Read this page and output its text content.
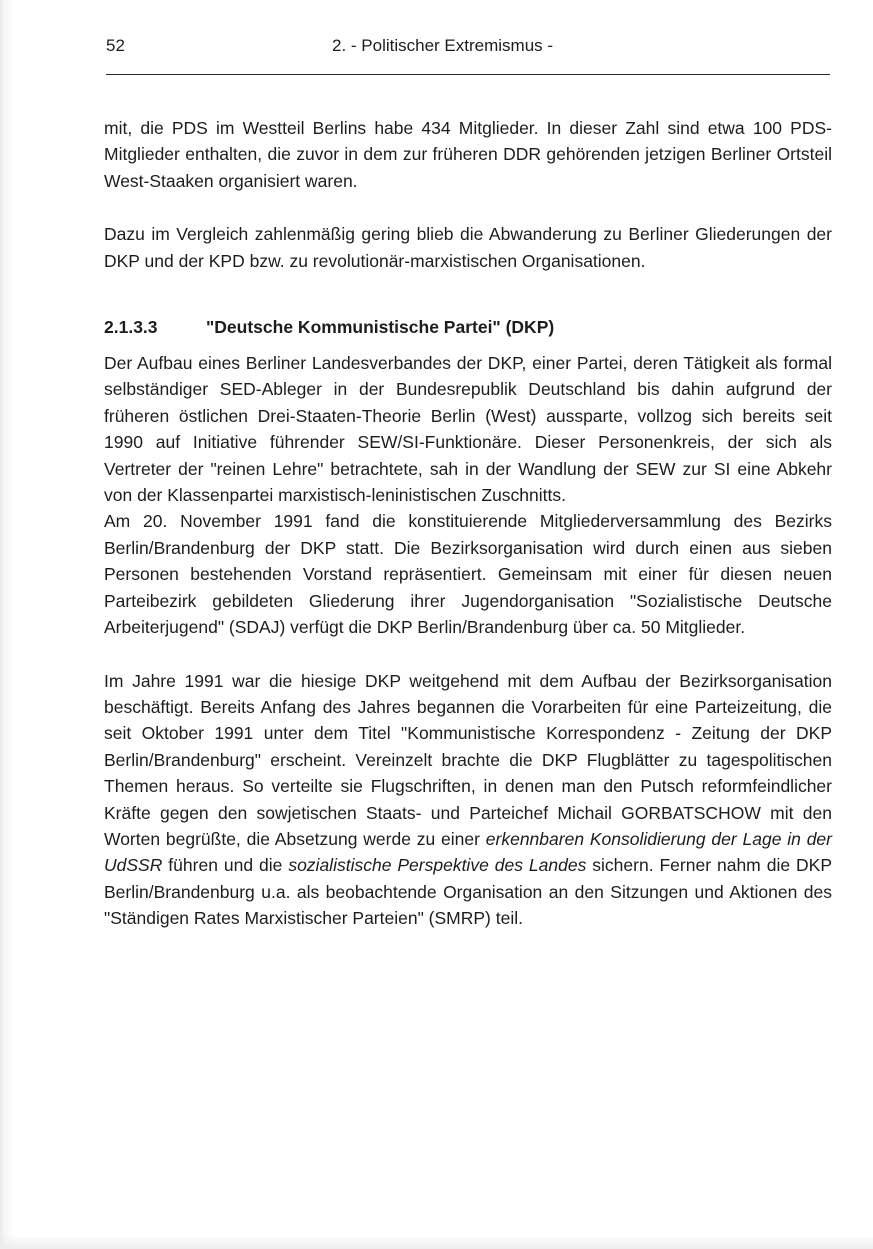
52	2. - Politischer Extremismus -

mit, die PDS im Westteil Berlins habe 434 Mitglieder. In dieser Zahl sind etwa 100 PDS-Mitglieder enthalten, die zuvor in dem zur früheren DDR gehörenden jetzigen Berliner Ortsteil West-Staaken organisiert waren.

Dazu im Vergleich zahlenmäßig gering blieb die Abwanderung zu Berliner Gliederungen der DKP und der KPD bzw. zu revolutionär-marxistischen Organisationen.

2.1.3.3	"Deutsche Kommunistische Partei" (DKP)

Der Aufbau eines Berliner Landesverbandes der DKP, einer Partei, deren Tätigkeit als formal selbständiger SED-Ableger in der Bundesrepublik Deutschland bis dahin aufgrund der früheren östlichen Drei-Staaten-Theorie Berlin (West) aussparte, vollzog sich bereits seit 1990 auf Initiative führender SEW/SI-Funktionäre. Dieser Personenkreis, der sich als Vertreter der "reinen Lehre" betrachtete, sah in der Wandlung der SEW zur SI eine Abkehr von der Klassenpartei marxistisch-leninistischen Zuschnitts.

Am 20. November 1991 fand die konstituierende Mitgliederversammlung des Bezirks Berlin/Brandenburg der DKP statt. Die Bezirksorganisation wird durch einen aus sieben Personen bestehenden Vorstand repräsentiert. Gemeinsam mit einer für diesen neuen Parteibezirk gebildeten Gliederung ihrer Jugendorganisation "Sozialistische Deutsche Arbeiterjugend" (SDAJ) verfügt die DKP Berlin/Brandenburg über ca. 50 Mitglieder.

Im Jahre 1991 war die hiesige DKP weitgehend mit dem Aufbau der Bezirksorganisation beschäftigt. Bereits Anfang des Jahres begannen die Vorarbeiten für eine Parteizeitung, die seit Oktober 1991 unter dem Titel "Kommunistische Korrespondenz - Zeitung der DKP Berlin/Brandenburg" erscheint. Vereinzelt brachte die DKP Flugblätter zu tagespolitischen Themen heraus. So verteilte sie Flugschriften, in denen man den Putsch reformfeindlicher Kräfte gegen den sowjetischen Staats- und Parteichef Michail GORBATSCHOW mit den Worten begrüßte, die Absetzung werde zu einer erkennbaren Konsolidierung der Lage in der UdSSR führen und die sozialistische Perspektive des Landes sichern. Ferner nahm die DKP Berlin/Brandenburg u.a. als beobachtende Organisation an den Sitzungen und Aktionen des "Ständigen Rates Marxistischer Parteien" (SMRP) teil.
